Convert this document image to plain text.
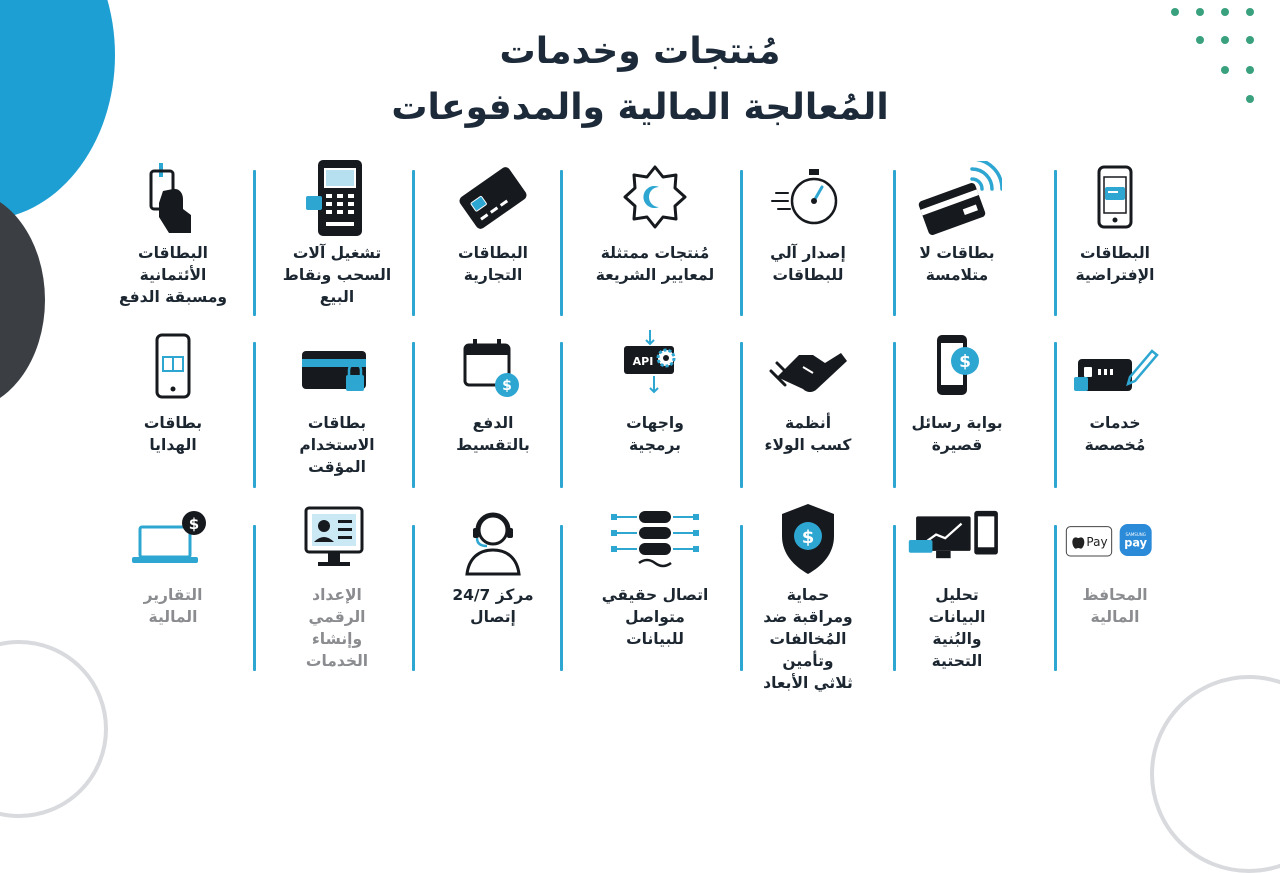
مُنتجات وخدمات
المُعالجة المالية والمدفوعات
البطاقات
الإفتراضية
بطاقات لا
متلامسة
إصدار آلي
للبطاقات
مُنتجات ممتثلة
لمعايير الشريعة
البطاقات
التجارية
تشغيل آلات
السحب ونقاط
البيع
البطاقات
الأئتمانية
ومسبقة الدفع
خدمات
مُخصصة
$
بوابة رسائل
قصيرة
أنظمة
كسب الولاء
API
واجهات
برمجية
$
الدفع
بالتقسيط
بطاقات
الاستخدام
المؤقت
بطاقات
الهدايا
Pay
SAMSUNG
pay
المحافظ
المالية
تحليل
البيانات
والبُنية
التحتية
$
حماية
ومراقبة ضد
المُخالفات
وتأمين
ثلاثي الأبعاد
اتصال حقيقي
متواصل
للبيانات
مركز 24/7
إتصال
الإعداد
الرقمي
وإنشاء
الخدمات
$
التقارير
المالية
